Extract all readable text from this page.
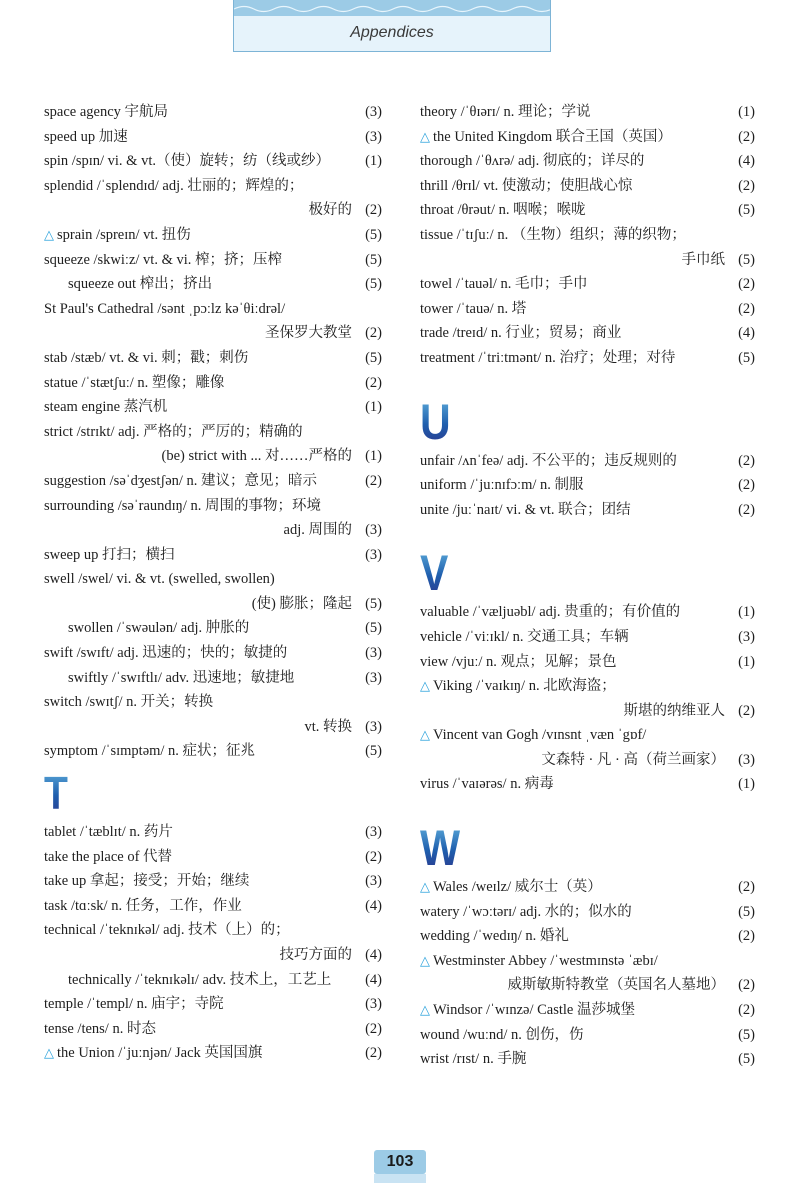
Appendices
space agency 宇航局	(3)
speed up 加速	(3)
spin /spɪn/ vi. & vt.（使）旋转；纺（线或纱） (1)
splendid /ˈsplendɪd/ adj. 壮丽的；辉煌的；
极好的 (2)
△ sprain /spreɪn/ vt. 扭伤	(5)
squeeze /skwiːz/ vt. & vi. 榨；挤；压榨	(5)
squeeze out 榨出；挤出	(5)
St Paul's Cathedral /sənt ˌpɔːlz kəˈθiːdrəl/
圣保罗大教堂 (2)
stab /stæb/ vt. & vi. 刺；戳；刺伤	(5)
statue /ˈstætʃuː/ n. 塑像；雕像	(2)
steam engine 蒸汽机	(1)
strict /strɪkt/ adj. 严格的；严厉的；精确的
(be) strict with ... 对……严格的 (1)
suggestion /səˈdʒestʃən/ n. 建议；意见；暗示	(2)
surrounding /səˈraundɪŋ/ n. 周围的事物；环境
adj. 周围的 (3)
sweep up 打扫；横扫	(3)
swell /swel/ vi. & vt. (swelled, swollen)
(使) 膨胀；隆起 (5)
swollen /ˈswəulən/ adj. 肿胀的	(5)
swift /swɪft/ adj. 迅速的；快的；敏捷的	(3)
swiftly /ˈswɪftlɪ/ adv. 迅速地；敏捷地	(3)
switch /swɪtʃ/ n. 开关；转换
vt. 转换 (3)
symptom /ˈsɪmptəm/ n. 症状；征兆	(5)
T
tablet /ˈtæblɪt/ n. 药片	(3)
take the place of 代替	(2)
take up 拿起；接受；开始；继续	(3)
task /tɑːsk/ n. 任务，工作，作业	(4)
technical /ˈteknɪkəl/ adj. 技术（上）的；
技巧方面的 (4)
technically /ˈteknɪkəlɪ/ adv. 技术上，工艺上 (4)
temple /ˈtempl/ n. 庙宇；寺院	(3)
tense /tens/ n. 时态	(2)
△ the Union /ˈjuːnjən/ Jack 英国国旗	(2)
theory /ˈθɪərɪ/ n. 理论；学说	(1)
△ the United Kingdom 联合王国（英国）	(2)
thorough /ˈθʌrə/ adj. 彻底的；详尽的	(4)
thrill /θrɪl/ vt. 使激动；使胆战心惊	(2)
throat /θrəut/ n. 咽喉；喉咙	(5)
tissue /ˈtɪʃuː/ n. （生物）组织；薄的织物；
手巾纸 (5)
towel /ˈtauəl/ n. 毛巾；手巾	(2)
tower /ˈtauə/ n. 塔	(2)
trade /treɪd/ n. 行业；贸易；商业	(4)
treatment /ˈtriːtmənt/ n. 治疗；处理；对待	(5)
U
unfair /ʌnˈfeə/ adj. 不公平的；违反规则的	(2)
uniform /ˈjuːnɪfɔːm/ n. 制服	(2)
unite /juːˈnaɪt/ vi. & vt. 联合；团结	(2)
V
valuable /ˈvæljuəbl/ adj. 贵重的；有价值的	(1)
vehicle /ˈviːɪkl/ n. 交通工具；车辆	(3)
view /vjuː/ n. 观点；见解；景色	(1)
△ Viking /ˈvaɪkɪŋ/ n. 北欧海盗；
斯堪的纳维亚人 (2)
△ Vincent van Gogh /vɪnsnt ˌvæn ˈgɒf/
文森特 · 凡 · 高（荷兰画家） (3)
virus /ˈvaɪərəs/ n. 病毒	(1)
W
△ Wales /weɪlz/ 威尔士（英）	(2)
watery /ˈwɔːtərɪ/ adj. 水的；似水的	(5)
wedding /ˈwedɪŋ/ n. 婚礼	(2)
△ Westminster Abbey /ˈwestmɪnstə ˈæbɪ/
威斯敏斯特教堂（英国名人墓地） (2)
△ Windsor /ˈwɪnzə/ Castle 温莎城堡	(2)
wound /wuːnd/ n. 创伤，伤	(5)
wrist /rɪst/ n. 手腕	(5)
103
